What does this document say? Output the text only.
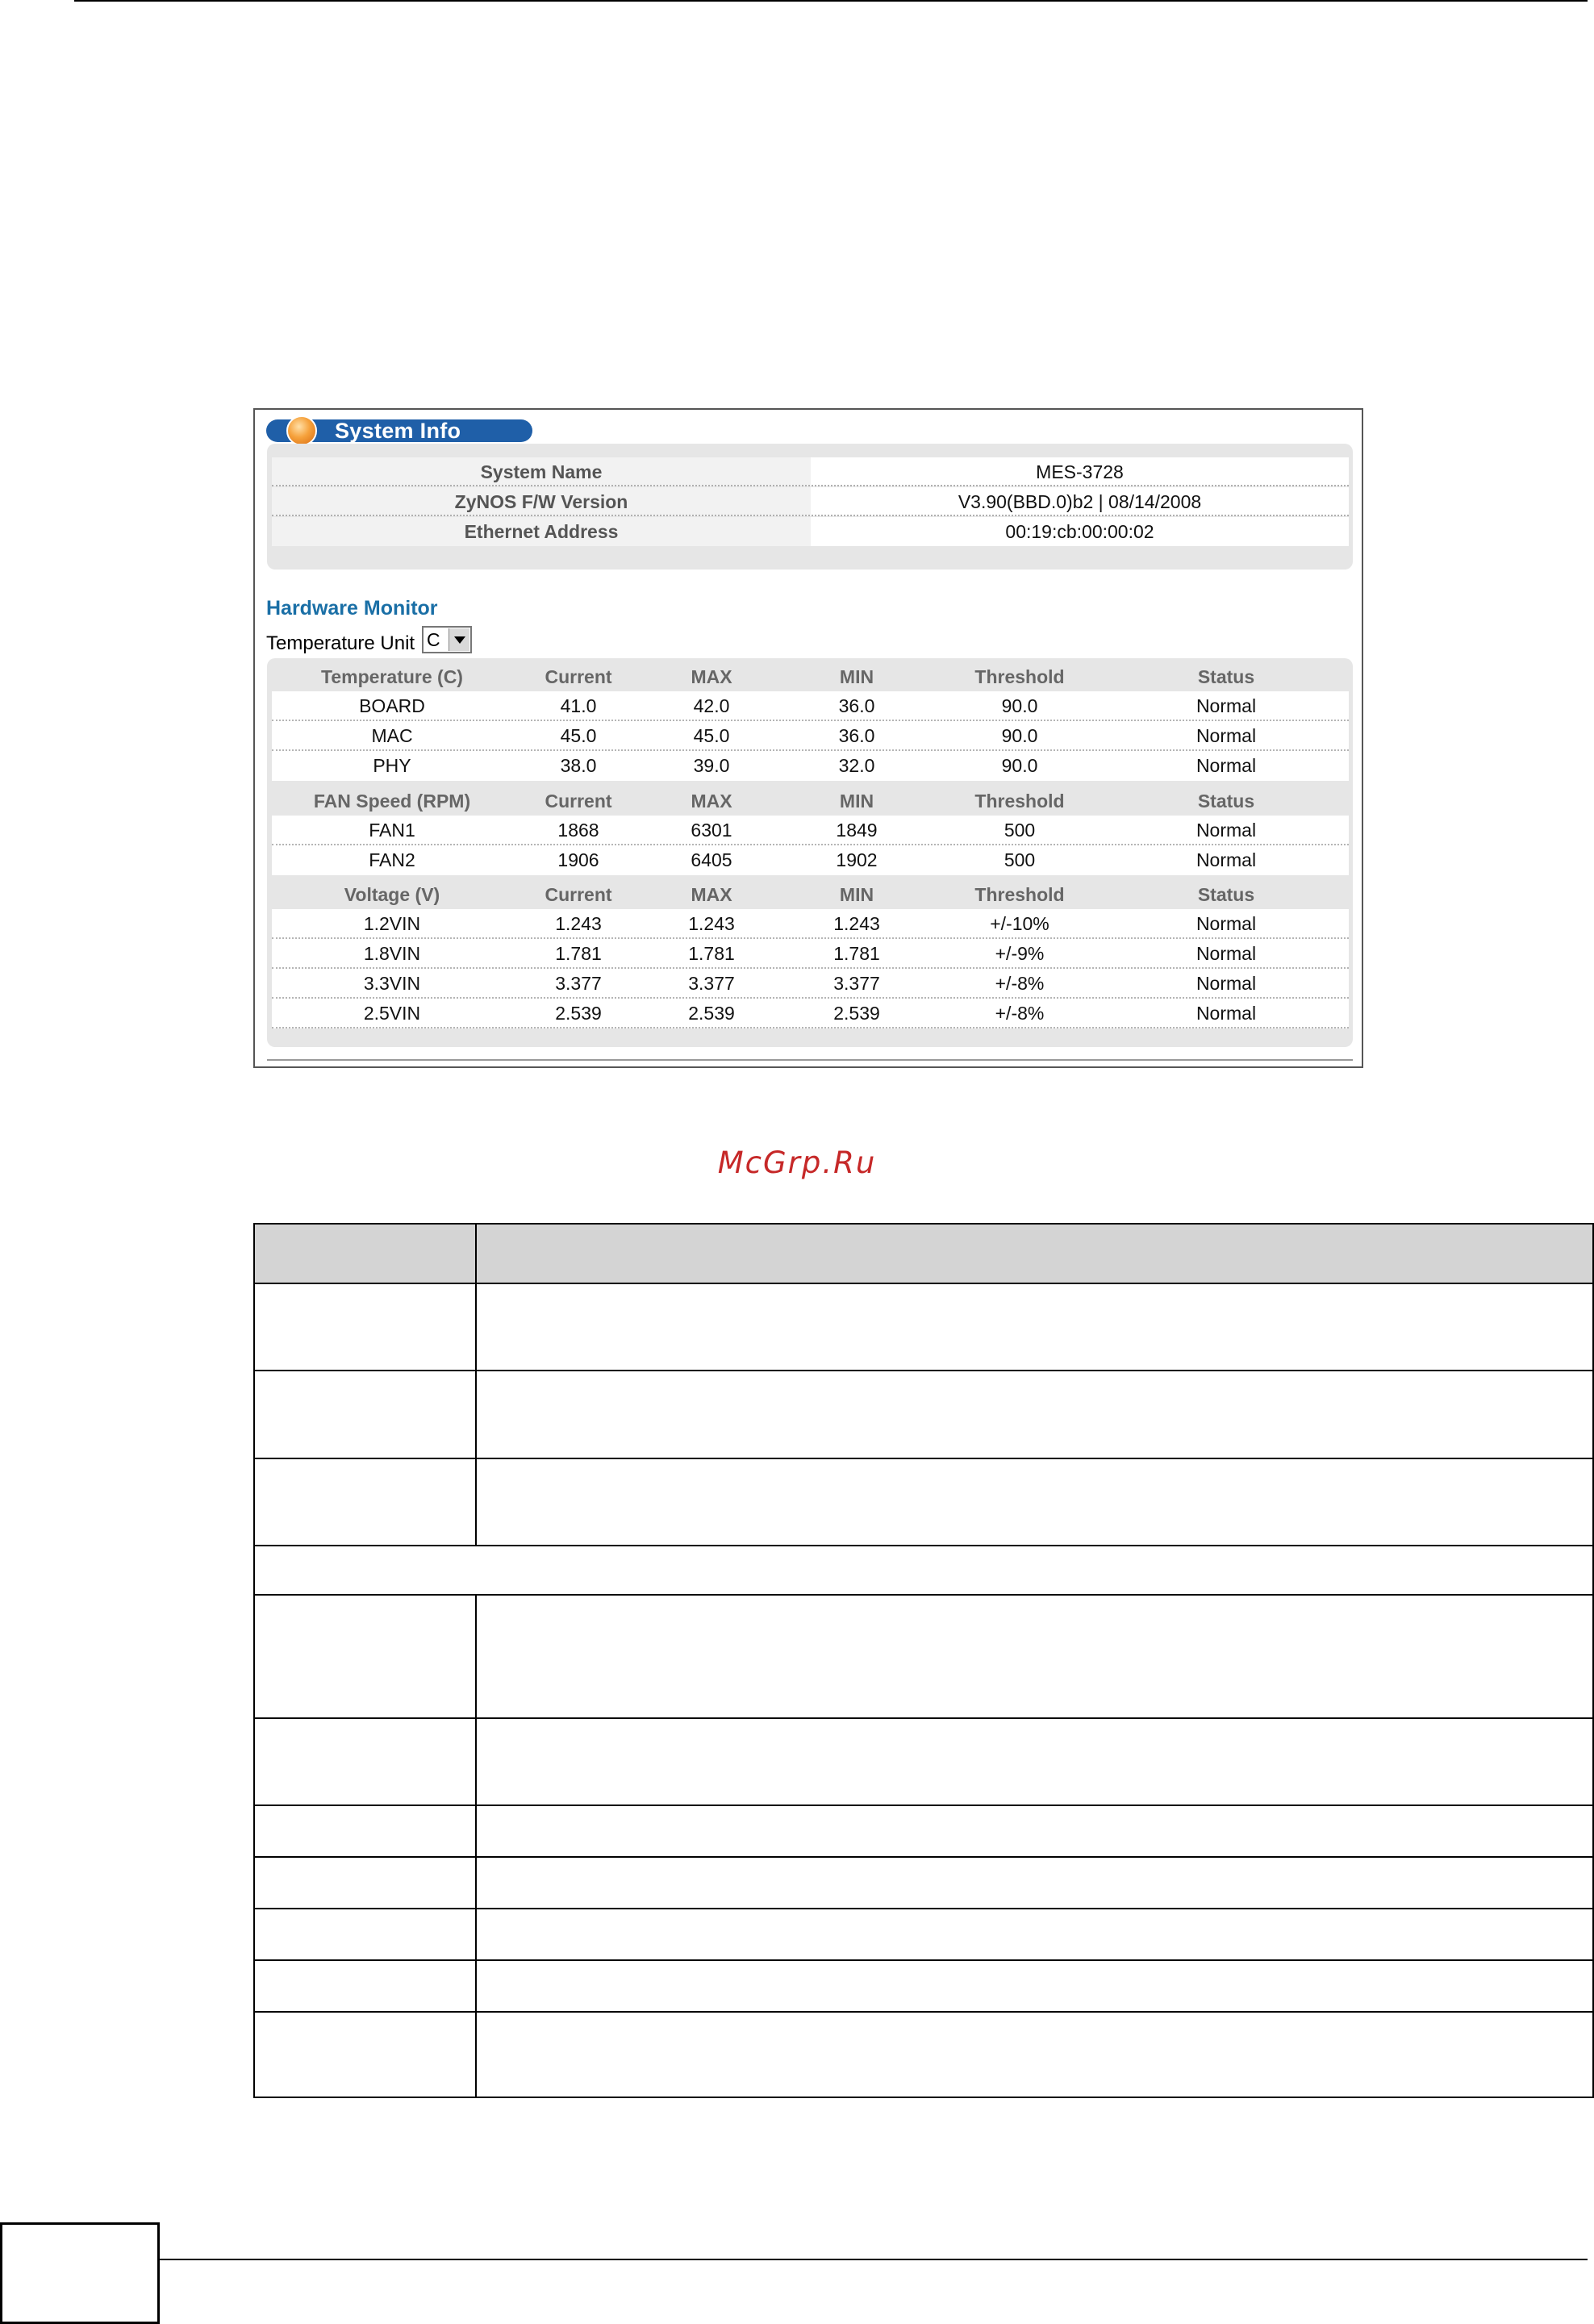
System Info
System Name	MES-3728
ZyNOS F/W Version	V3.90(BBD.0)b2 | 08/14/2008
Ethernet Address	00:19:cb:00:00:02
Hardware Monitor
Temperature Unit C
Temperature (C)	Current	MAX	MIN	Threshold	Status
BOARD	41.0	42.0	36.0	90.0	Normal
MAC	45.0	45.0	36.0	90.0	Normal
PHY	38.0	39.0	32.0	90.0	Normal
FAN Speed (RPM)	Current	MAX	MIN	Threshold	Status
FAN1	1868	6301	1849	500	Normal
FAN2	1906	6405	1902	500	Normal
Voltage (V)	Current	MAX	MIN	Threshold	Status
1.2VIN	1.243	1.243	1.243	+/-10%	Normal
1.8VIN	1.781	1.781	1.781	+/-9%	Normal
3.3VIN	3.377	3.377	3.377	+/-8%	Normal
2.5VIN	2.539	2.539	2.539	+/-8%	Normal
McGrp.Ru
